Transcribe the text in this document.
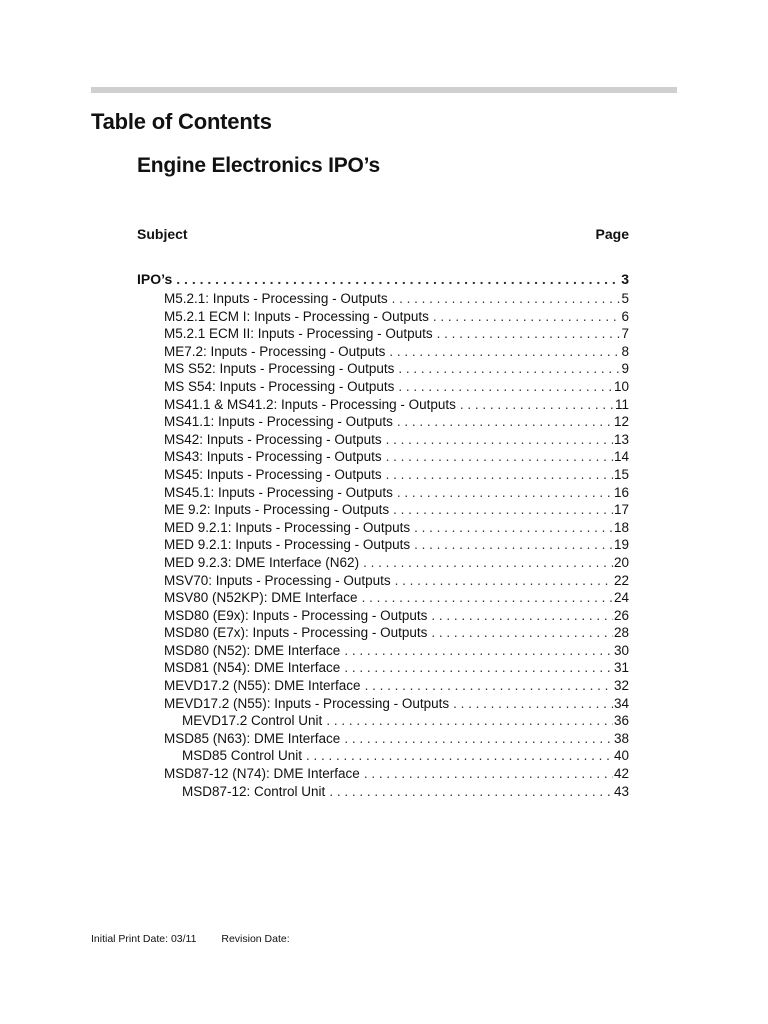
Table of Contents
Engine Electronics IPO’s
Subject	Page
IPO’s . . .	3
M5.2.1: Inputs - Processing - Outputs . . .	5
M5.2.1 ECM I: Inputs - Processing - Outputs . . .	6
M5.2.1 ECM II: Inputs - Processing - Outputs . . .	7
ME7.2: Inputs - Processing - Outputs . . .	8
MS S52: Inputs - Processing - Outputs . . .	9
MS S54: Inputs - Processing - Outputs . . .	10
MS41.1 & MS41.2: Inputs - Processing - Outputs . . .	11
MS41.1: Inputs - Processing - Outputs . . .	12
MS42: Inputs - Processing - Outputs . . .	13
MS43: Inputs - Processing - Outputs . . .	14
MS45: Inputs - Processing - Outputs . . .	15
MS45.1: Inputs - Processing - Outputs . . .	16
ME 9.2: Inputs - Processing - Outputs . . .	17
MED 9.2.1: Inputs - Processing - Outputs . . .	18
MED 9.2.1: Inputs - Processing - Outputs . . .	19
MED 9.2.3: DME Interface (N62) . . .	20
MSV70: Inputs - Processing - Outputs . . .	22
MSV80 (N52KP): DME Interface . . .	24
MSD80 (E9x): Inputs - Processing - Outputs . . .	26
MSD80 (E7x): Inputs - Processing - Outputs . . .	28
MSD80 (N52): DME Interface . . .	30
MSD81 (N54): DME Interface . . .	31
MEVD17.2 (N55): DME Interface . . .	32
MEVD17.2 (N55): Inputs - Processing - Outputs . . .	34
MEVD17.2 Control Unit . . .	36
MSD85 (N63): DME Interface . . .	38
MSD85 Control Unit . . .	40
MSD87-12 (N74): DME Interface . . .	42
MSD87-12: Control Unit . . .	43
Initial Print Date: 03/11 Revision Date:
